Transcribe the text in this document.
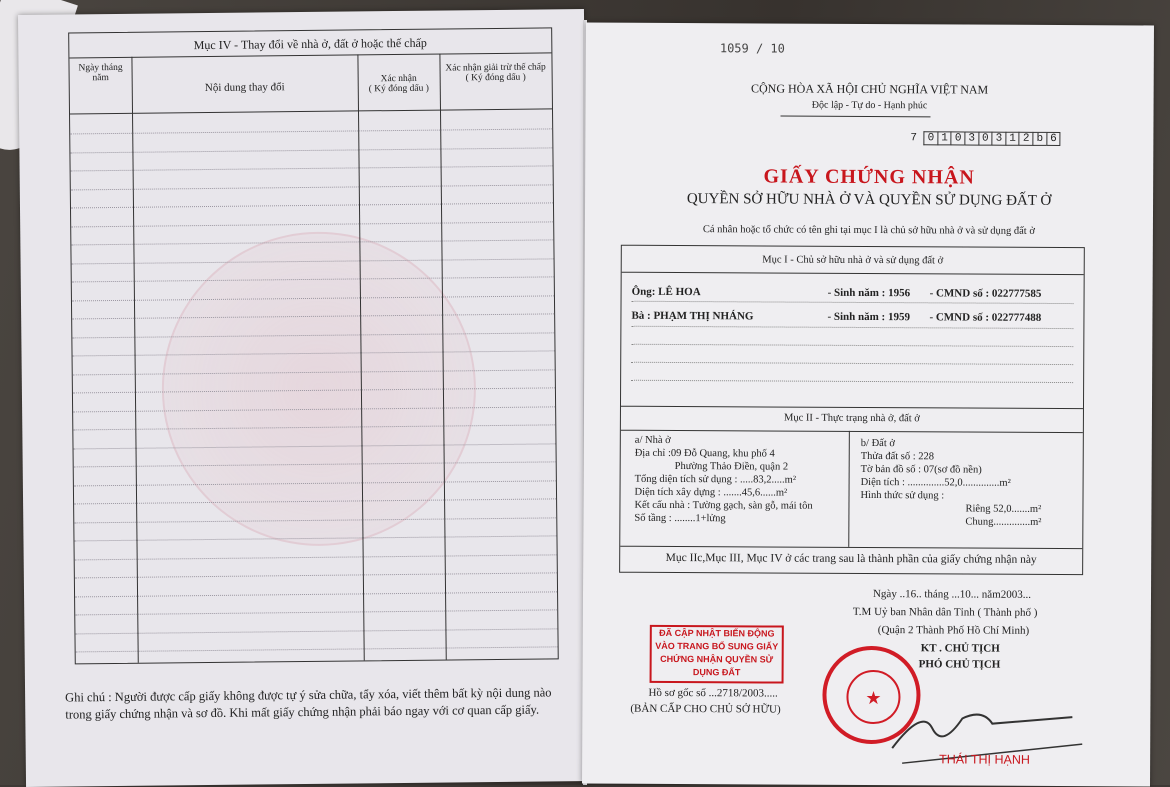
Mục IV - Thay đổi về nhà ở, đất ở hoặc thế chấp
Ngày tháng năm
Nội dung thay đổi
Xác nhận
( Ký đóng dấu )
Xác nhận giải trừ thế chấp
( Ký đóng dấu )
Ghi chú : Người được cấp giấy không được tự ý sửa chữa, tẩy xóa, viết thêm bất kỳ nội dung nào trong giấy chứng nhận và sơ đồ. Khi mất giấy chứng nhận phải báo ngay với cơ quan cấp giấy.
1059 / 10
CỘNG HÒA XÃ HỘI CHỦ NGHĨA VIỆT NAM
Độc lập - Tự do - Hạnh phúc
7 0 1 0 3 0 3 1 2 b 6
GIẤY CHỨNG NHẬN
QUYỀN SỞ HỮU NHÀ Ở VÀ QUYỀN SỬ DỤNG ĐẤT Ở
Cá nhân hoặc tổ chức có tên ghi tại mục I là chủ sở hữu nhà ở và sử dụng đất ở
Mục I - Chủ sở hữu nhà ở và sử dụng đất ở
Ông: LÊ HOA	- Sinh năm : 1956 - CMND số : 022777585
Bà : PHẠM THỊ NHÁNG	- Sinh năm : 1959 - CMND số : 022777488
Mục II - Thực trạng nhà ở, đất ở
a/ Nhà ở
Địa chỉ :09 Đỗ Quang, khu phố 4
Phường Thảo Điền, quận 2
Tổng diện tích sử dụng : .....83,2.....m²
Diện tích xây dựng : .......45,6......m²
Kết cấu nhà : Tường gạch, sàn gỗ, mái tôn
Số tầng : ........1+lửng
b/ Đất ở
Thửa đất số : 228
Tờ bản đồ số : 07(sơ đồ nền)
Diện tích : ..............52,0..............m²
Hình thức sử dụng :
Riêng 52,0.......m²
Chung..............m²
Mục IIc,Mục III, Mục IV ở các trang sau là thành phần của giấy chứng nhận này
Ngày ..16.. tháng ...10... năm2003...
T.M Uỷ ban Nhân dân Tỉnh ( Thành phố )
(Quận 2 Thành Phố Hồ Chí Minh)
KT . CHỦ TỊCH
PHÓ CHỦ TỊCH
ĐÃ CẬP NHẬT BIẾN ĐỘNG VÀO TRANG BỔ SUNG GIẤY CHỨNG NHẬN QUYỀN SỬ DỤNG ĐẤT
Hồ sơ gốc số ...2718/2003.....
(BẢN CẤP CHO CHỦ SỞ HỮU)
★
THÁI THỊ HẠNH
